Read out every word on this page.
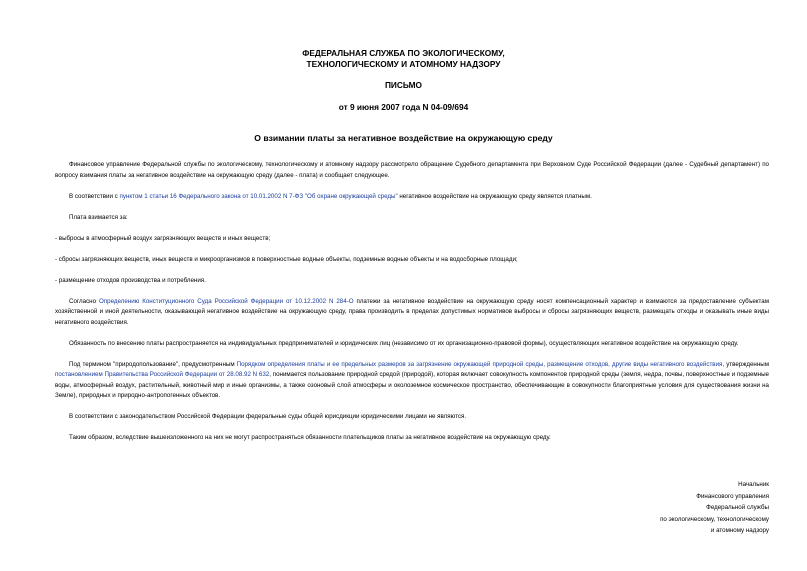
ФЕДЕРАЛЬНАЯ СЛУЖБА ПО ЭКОЛОГИЧЕСКОМУ,
ТЕХНОЛОГИЧЕСКОМУ И АТОМНОМУ НАДЗОРУ
ПИСЬМО
от 9 июня 2007 года N 04-09/694
О взимании платы за негативное воздействие на окружающую среду

Финансовое управление Федеральной службы по экологическому, технологическому и атомному надзору рассмотрело обращение Судебного департамента при Верховном Суде Российской Федерации (далее - Судебный департамент) по вопросу взимания платы за негативное воздействие на окружающую среду (далее - плата) и сообщает следующее.

В соответствии с пунктом 1 статьи 16 Федерального закона от 10.01.2002 N 7-ФЗ "Об охране окружающей среды" негативное воздействие на окружающую среду является платным.

Плата взимается за:

- выбросы в атмосферный воздух загрязняющих веществ и иных веществ;

- сбросы загрязняющих веществ, иных веществ и микроорганизмов в поверхностные водные объекты, подземные водные объекты и на водосборные площади;

- размещение отходов производства и потребления.

Согласно Определению Конституционного Суда Российской Федерации от 10.12.2002 N 284-О платежи за негативное воздействие на окружающую среду носят компенсационный характер и взимаются за предоставление субъектам хозяйственной и иной деятельности, оказывающей негативное воздействие на окружающую среду, права производить в пределах допустимых нормативов выбросы и сбросы загрязняющих веществ, размещать отходы и оказывать иные виды негативного воздействия.

Обязанность по внесению платы распространяется на индивидуальных предпринимателей и юридических лиц (независимо от их организационно-правовой формы), осуществляющих негативное воздействие на окружающую среду.

Под термином "природопользование", предусмотренным Порядком определения платы и ее предельных размеров за загрязнение окружающей природной среды, размещение отходов, другие виды негативного воздействия, утвержденным постановлением Правительства Российской Федерации от 28.08.92 N 632, понимается пользование природной средой (природой), которая включает совокупность компонентов природной среды (земля, недра, почвы, поверхностные и подземные воды, атмосферный воздух, растительный, животный мир и иные организмы, а также озоновый слой атмосферы и околоземное космическое пространство, обеспечивающие в совокупности благоприятные условия для существования жизни на Земле), природных и природно-антропогенных объектов.

В соответствии с законодательством Российской Федерации федеральные суды общей юрисдикции юридическими лицами не являются.

Таким образом, вследствие вышеизложенного на них не могут распространяться обязанности плательщиков платы за негативное воздействие на окружающую среду.

Начальник
Финансового управления
Федеральной службы
по экологическому, технологическому
и атомному надзору
